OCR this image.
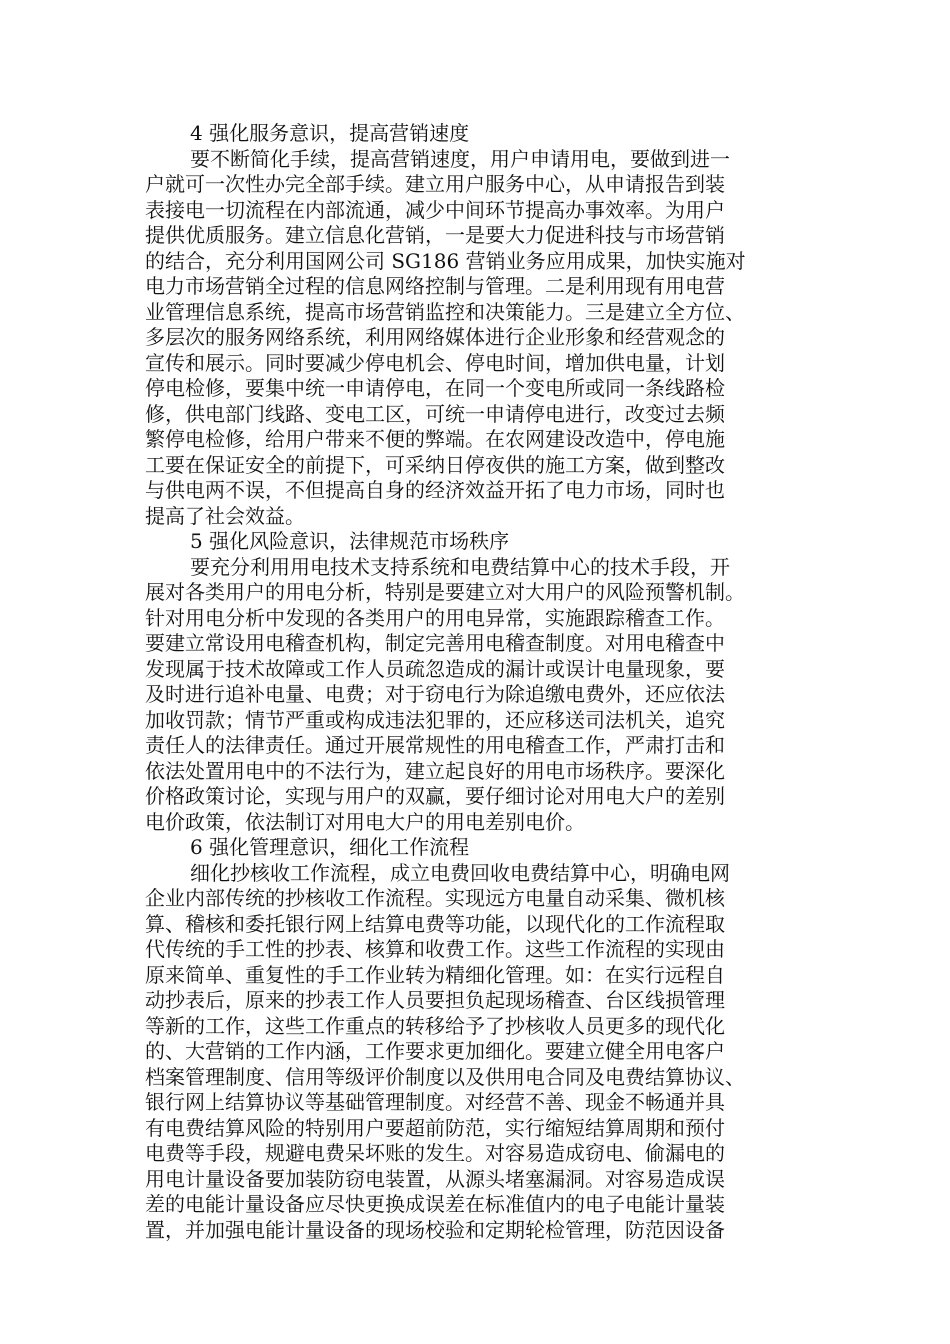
4 强化服务意识，提高营销速度

要不断简化手续，提高营销速度，用户申请用电，要做到进一

户就可一次性办完全部手续。建立用户服务中心，从申请报告到装

表接电一切流程在内部流通，减少中间环节提高办事效率。为用户

提供优质服务。建立信息化营销，一是要大力促进科技与市场营销

的结合，充分利用国网公司 SG186 营销业务应用成果，加快实施对

电力市场营销全过程的信息网络控制与管理。二是利用现有用电营

业管理信息系统，提高市场营销监控和决策能力。三是建立全方位、

多层次的服务网络系统，利用网络媒体进行企业形象和经营观念的

宣传和展示。同时要减少停电机会、停电时间，增加供电量，计划

停电检修，要集中统一申请停电，在同一个变电所或同一条线路检

修，供电部门线路、变电工区，可统一申请停电进行，改变过去频

繁停电检修，给用户带来不便的弊端。在农网建设改造中，停电施

工要在保证安全的前提下，可采纳日停夜供的施工方案，做到整改

与供电两不误，不但提高自身的经济效益开拓了电力市场，同时也

提高了社会效益。

5 强化风险意识，法律规范市场秩序

要充分利用用电技术支持系统和电费结算中心的技术手段，开

展对各类用户的用电分析，特别是要建立对大用户的风险预警机制。

针对用电分析中发现的各类用户的用电异常，实施跟踪稽查工作。

要建立常设用电稽查机构，制定完善用电稽查制度。对用电稽查中

发现属于技术故障或工作人员疏忽造成的漏计或误计电量现象，要

及时进行追补电量、电费；对于窃电行为除追缴电费外，还应依法

加收罚款；情节严重或构成违法犯罪的，还应移送司法机关，追究

责任人的法律责任。通过开展常规性的用电稽查工作，严肃打击和

依法处置用电中的不法行为，建立起良好的用电市场秩序。要深化

价格政策讨论，实现与用户的双赢，要仔细讨论对用电大户的差别

电价政策，依法制订对用电大户的用电差别电价。

6 强化管理意识，细化工作流程

细化抄核收工作流程，成立电费回收电费结算中心，明确电网

企业内部传统的抄核收工作流程。实现远方电量自动采集、微机核

算、稽核和委托银行网上结算电费等功能，以现代化的工作流程取

代传统的手工性的抄表、核算和收费工作。这些工作流程的实现由

原来简单、重复性的手工作业转为精细化管理。如：在实行远程自

动抄表后，原来的抄表工作人员要担负起现场稽查、台区线损管理

等新的工作，这些工作重点的转移给予了抄核收人员更多的现代化

的、大营销的工作内涵，工作要求更加细化。要建立健全用电客户

档案管理制度、信用等级评价制度以及供用电合同及电费结算协议、

银行网上结算协议等基础管理制度。对经营不善、现金不畅通并具

有电费结算风险的特别用户要超前防范，实行缩短结算周期和预付

电费等手段，规避电费呆坏账的发生。对容易造成窃电、偷漏电的

用电计量设备要加装防窃电装置，从源头堵塞漏洞。对容易造成误

差的电能计量设备应尽快更换成误差在标准值内的电子电能计量装

置，并加强电能计量设备的现场校验和定期轮检管理，防范因设备
